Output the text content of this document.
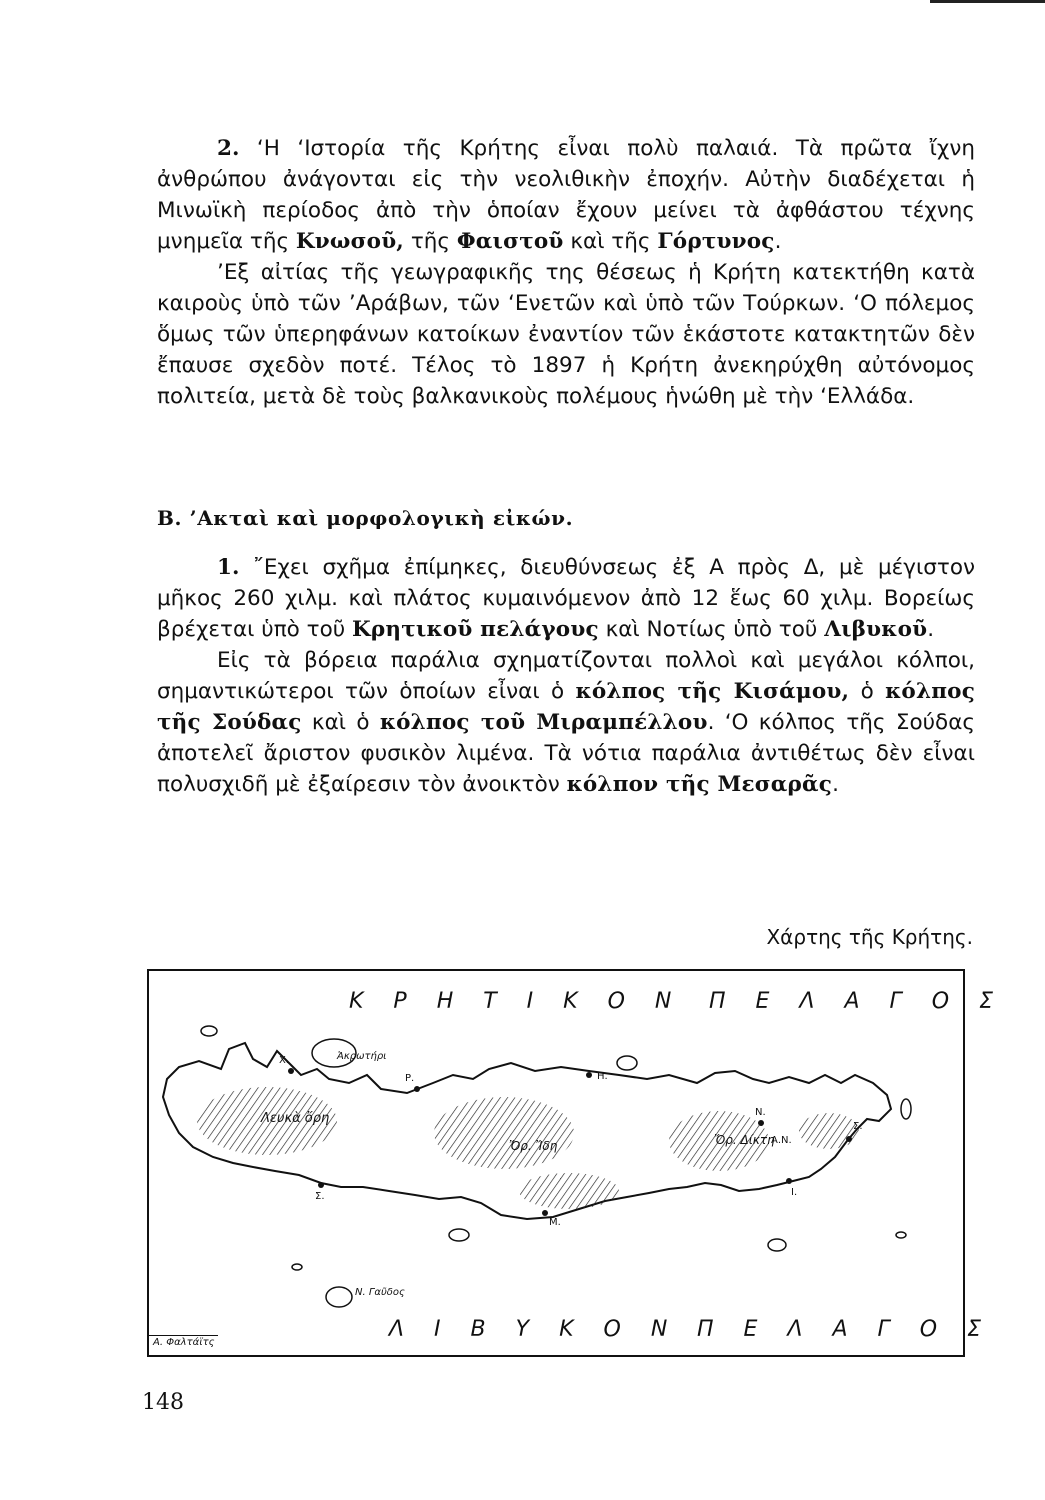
2. ‘Η ‘Ιστορία τῆς Κρήτης εἶναι πολὺ παλαιά. Τὰ πρῶτα ἴχνη ἀνθρώπου ἀνάγονται εἰς τὴν νεολιθικὴν ἐποχήν. Αὐτὴν διαδέχεται ἡ Μινωϊκὴ περίοδος ἀπὸ τὴν ὁποίαν ἔχουν μείνει τὰ ἀφθάστου τέχνης μνημεῖα τῆς Κνωσοῦ, τῆς Φαιστοῦ καὶ τῆς Γόρτυνος.

’Εξ αἰτίας τῆς γεωγραφικῆς της θέσεως ἡ Κρήτη κατεκτήθη κατὰ καιροὺς ὑπὸ τῶν ’Αράβων, τῶν ‘Ενετῶν καὶ ὑπὸ τῶν Τούρκων. ‘Ο πόλεμος ὅμως τῶν ὑπερηφάνων κατοίκων ἐναντίον τῶν ἑκάστοτε κατακτητῶν δὲν ἔπαυσε σχεδὸν ποτέ. Τέλος τὸ 1897 ἡ Κρήτη ἀνεκηρύχθη αὐτόνομος πολιτεία, μετὰ δὲ τοὺς βαλκανικοὺς πολέμους ἡνώθη μὲ τὴν ‘Ελλάδα.

Β. ’Ακταὶ καὶ μορφολογικὴ εἰκών.

1. ῎Εχει σχῆμα ἐπίμηκες, διευθύνσεως ἐξ Α πρὸς Δ, μὲ μέγιστον μῆκος 260 χιλμ. καὶ πλάτος κυμαινόμενον ἀπὸ 12 ἕως 60 χιλμ. Βορείως βρέχεται ὑπὸ τοῦ Κρητικοῦ πελάγους καὶ Νοτίως ὑπὸ τοῦ Λιβυκοῦ.

Εἰς τὰ βόρεια παράλια σχηματίζονται πολλοὶ καὶ μεγάλοι κόλποι, σημαντικώτεροι τῶν ὁποίων εἶναι ὁ κόλπος τῆς Κισάμου, ὁ κόλπος τῆς Σούδας καὶ ὁ κόλπος τοῦ Μιραμπέλλου. ‘Ο κόλπος τῆς Σούδας ἀποτελεῖ ἄριστον φυσικὸν λιμένα. Τὰ νότια παράλια ἀντιθέτως δὲν εἶναι πολυσχιδῆ μὲ ἐξαίρεσιν τὸν ἀνοικτὸν κόλπον τῆς Μεσαρᾶς.

Χάρτης τῆς Κρήτης.
ΚΡΗΤΙΚΟΝ ΠΕΛΑΓΟΣ
ΛΙΒΥΚΟΝ ΠΕΛΑΓΟΣ
Ν. Γαῦδος
Λευκὰ ὄρη
Ὄρ. Ἴδη	Ὄρ. Δίκτη
Ἀκρωτήρι
Χ.
Ρ.	Η.
Ν.
Α.Ν.
Σ.
Σ.
Μ.
Ι.
Α. Φαλτάϊτς
148
